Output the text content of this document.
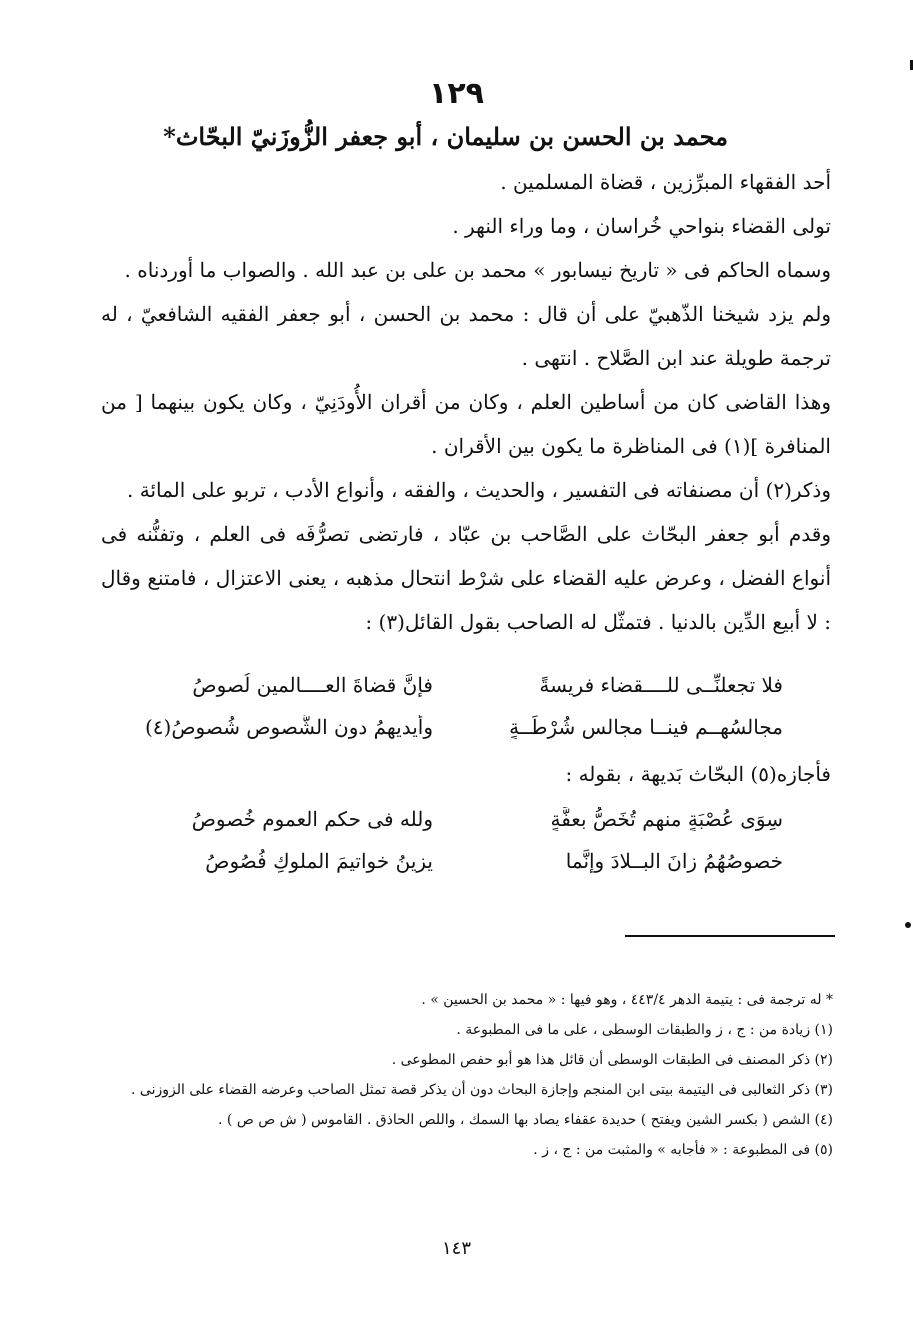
١٢٩
محمد بن الحسن بن سليمان ، أبو جعفر الزُّوزَنيّ البحّاث*

أحد الفقهاء المبرِّزين ، قضاة المسلمين .

تولى القضاء بنواحي خُراسان ، وما وراء النهر .

وسماه الحاكم فى « تاريخ نيسابور » محمد بن على بن عبد الله . والصواب ما أوردناه .

ولم يزد شيخنا الذّهبيّ على أن قال : محمد بن الحسن ، أبو جعفر الفقيه الشافعيّ ، له ترجمة طويلة عند ابن الصَّلاح . انتهى .

وهذا القاضى كان من أساطين العلم ، وكان من أقران الأُودَنِيّ ، وكان يكون بينهما [ من المنافرة ](١) فى المناظرة ما يكون بين الأقران .

وذكر(٢) أن مصنفاته فى التفسير ، والحديث ، والفقه ، وأنواع الأدب ، تربو على المائة .

وقدم أبو جعفر البحّاث على الصَّاحب بن عبّاد ، فارتضى تصرُّفَه فى العلم ، وتفنُّنه فى أنواع الفضل ، وعرض عليه القضاء على شرْط انتحال مذهبه ، يعنى الاعتزال ، فامتنع وقال : لا أبيع الدِّين بالدنيا . فتمثّل له الصاحب بقول القائل(٣) :

فلا تجعلنِّــى للــــقضاء فريسةً
فإنَّ قضاةَ العــــالمين لُصوصُ
مجالسُهــم فينــا مجالس شُرْطَــةٍ
وأيديهمُ دون الشُّصوصِ شُصوصُ(٤)
فأجازه(٥) البحّاث بَديهة ، بقوله :
سِوَى عُصْبَةٍ منهم تُخَصُّ بعفَّةٍ
ولله فى حكمِ العمومِ خُصوصُ
خصوصُهُمُ زانَ البــلادَ وإنَّما
يزينُ خواتيمَ الملوكِ فُصُوصُ

* له ترجمة فى : يتيمة الدهر ٤٤٣/٤ ، وهو فيها : « محمد بن الحسين » .

(١) زيادة من : ج ، ز والطبقات الوسطى ، على ما فى المطبوعة .

(٢) ذكر المصنف فى الطبقات الوسطى أن قائل هذا هو أبو حفص المطوعى .

(٣) ذكر الثعالبى فى اليتيمة بيتى ابن المنجم وإجازة البحاث دون أن يذكر قصة تمثل الصاحب وعرضه القضاء على الزوزنى .

(٤) الشص ( بكسر الشين ويفتح ) حديدة عقفاء يصاد بها السمك ، واللص الحاذق . القاموس ( ش ص ص ) .

(٥) فى المطبوعة : « فأجابه » والمثبت من : ج ، ز .

١٤٣
